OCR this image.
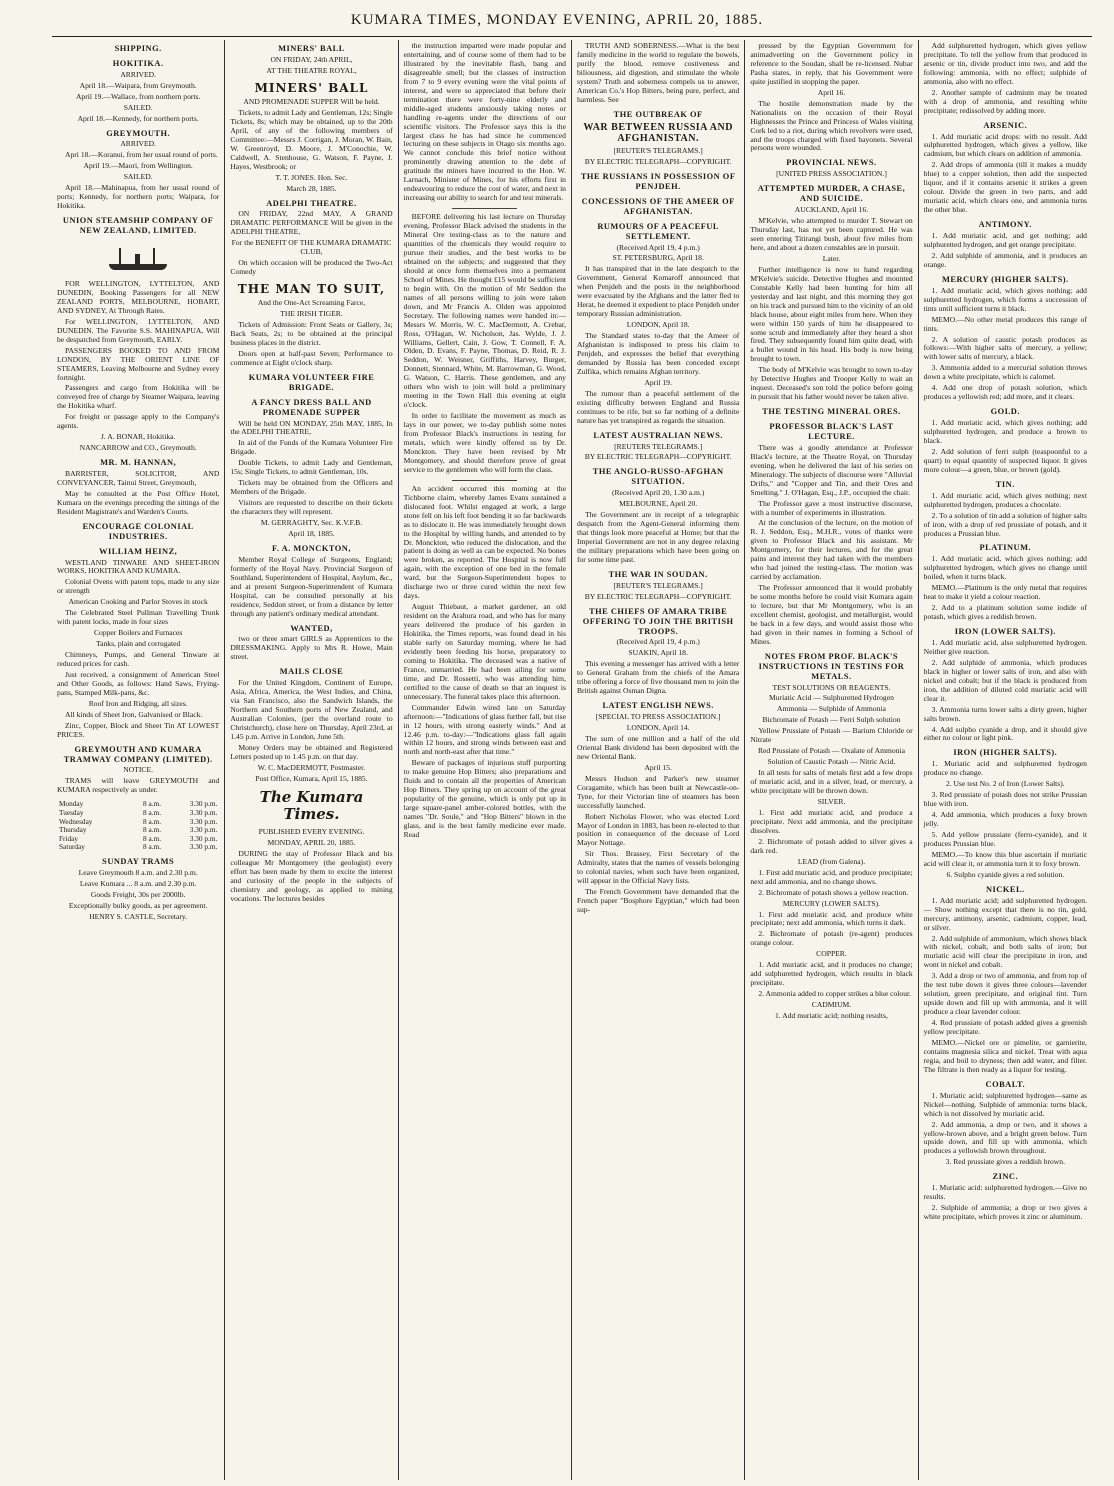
KUMARA TIMES, MONDAY EVENING, APRIL 20, 1885.
SHIPPING.
HOKITIKA.

ARRIVED.

April 18.—Waipara, from Greymouth.

April 19.—Wallace, from northern ports.

SAILED.

April 18.—Kennedy, for northern ports.

GREYMOUTH.

ARRIVED.

Apri 18.—Koranui, from her usual round of ports.

April 19.—Maori, from Wellington.

SAILED.

April 18.—Mahinapua, from her usual round of ports; Kennedy, for northern ports; Waipara, for Hokitika.

UNION STEAMSHIP COMPANY OF NEW ZEALAND, LIMITED.

FOR WELLINGTON, LYTTELTON, AND DUNEDIN, Booking Passengers for all NEW ZEALAND PORTS, MELBOURNE, HOBART, AND SYDNEY, At Through Rates.

For WELLINGTON, LYTTELTON, AND DUNEDIN. The Favorite S.S. MAHINAPUA, Will be despatched from Greymouth, EARLY.

PASSENGERS BOOKED TO AND FROM LONDON, BY THE ORIENT LINE OF STEAMERS, Leaving Melbourne and Sydney every fortnight.

Passengers and cargo from Hokitika will be conveyed free of charge by Steamer Waipara, leaving the Hokitika wharf.

For freight or passage apply to the Company's agents.

J. A. BONAR, Hokitika.

NANCARROW and CO., Greymouth.

MR. M. HANNAN,

BARRISTER, SOLICITOR, AND CONVEYANCER, Tainui Street, Greymouth,

May be consulted at the Post Office Hotel, Kumara on the evenings preceding the sittings of the Resident Magistrate's and Warden's Courts.

ENCOURAGE COLONIAL INDUSTRIES.
WILLIAM HEINZ,

WESTLAND TINWARE AND SHEET-IRON WORKS, HOKITIKA AND KUMARA.

Colonial Ovens with patent tops, made to any size or strength

American Cooking and Parlor Stoves in stock

The Celebrated Steel Pullman Travelling Trunk with patent locks, made in four sizes

Copper Boilers and Furnaces

Tanks, plain and corrugated

Chimneys, Pumps, and General Tinware at reduced prices for cash.

Just received, a consignment of American Steel and Other Goods, as follows: Hand Saws, Frying-pans, Stamped Milk-pans, &c.

Roof Iron and Ridging, all sizes.

All kinds of Sheet Iron, Galvanised or Black.

Zinc, Copper, Block and Sheet Tin AT LOWEST PRICES.

GREYMOUTH AND KUMARA TRAMWAY COMPANY (LIMITED).

NOTICE.

TRAMS will leave GREYMOUTH and KUMARA respectively as under.

Monday	8 a.m.	3.30 p.m.
Tuesday	8 a.m.	3.30 p.m.
Wednesday	8 a.m.	3.30 p.m.
Thursday	8 a.m.	3.30 p.m.
Friday	8 a.m.	3.30 p.m.
Saturday	8 a.m.	3.30 p.m.
SUNDAY TRAMS

Leave Greymouth 8 a.m. and 2.30 p.m.

Leave Kumara ... 8 a.m. and 2.30 p.m.

Goods Freight, 30s per 2000lb.

Exceptionally bulky goods, as per agreement.

HENRY S. CASTLE, Secretary.

MINERS' BALL

ON FRIDAY, 24th APRIL,

AT THE THEATRE ROYAL,

MINERS' BALL

AND PROMENADE SUPPER Will be held.

Tickets, to admit Lady and Gentleman, 12s; Single Tickets, 8s; which may be obtained, up to the 20th April, of any of the following members of Committee:—Messrs J. Corrigan, J. Moran, W. Bain, W. Greenroyd, D. Moore, J. M'Conochie, W. Caldwell, A. Stenhouse, G. Watson, F. Payne, J. Hayes, Westbrook; or

T. T. JONES. Hon. Sec.

March 28, 1885.

ADELPHI THEATRE.

ON FRIDAY, 22nd MAY, A GRAND DRAMATIC PERFORMANCE Will be given in the ADELPHI THEATRE,

For the BENEFIT OF THE KUMARA DRAMATIC CLUB,

On which occasion will be produced the Two-Act Comedy

THE MAN TO SUIT,

And the One-Act Screaming Farce,

THE IRISH TIGER.

Tickets of Admission: Front Seats or Gallery, 3s; Back Seats, 2s; to be obtained at the principal business places in the district.

Doors open at half-past Seven; Performance to commence at Eight o'clock sharp.

KUMARA VOLUNTEER FIRE BRIGADE.
A FANCY DRESS BALL AND PROMENADE SUPPER

Will be held ON MONDAY, 25th MAY, 1885, In the ADELPHI THEATRE,

In aid of the Funds of the Kumara Volunteer Fire Brigade.

Double Tickets, to admit Lady and Gentleman, 15s; Single Tickets, to admit Gentleman, 10s.

Tickets may be obtained from the Officers and Members of the Brigade.

Visitors are requested to describe on their tickets the characters they will represent.

M. GERRAGHTY, Sec. K.V.F.B.

April 18, 1885.

F. A. MONCKTON,

Member Royal College of Surgeons, England; formerly of the Royal Navy. Provincial Surgeon of Southland, Superintendent of Hospital, Asylum, &c., and at present Surgeon-Superintendent of Kumara Hospital, can be consulted personally at his residence, Seddon street, or from a distance by letter through any patient's ordinary medical attendant.

WANTED,

two or three smart GIRLS as Apprentices to the DRESSMAKING. Apply to Mrs R. Howe, Main street.

MAILS CLOSE

For the United Kingdom, Continent of Europe, Asia, Africa, America, the West Indies, and China, via San Francisco, also the Sandwich Islands, the Northern and Southern ports of New Zealand, and Australian Colonies, (per the overland route to Christchurch), close here on Thursday, April 23rd, at 1.45 p.m. Arrive in London, June 5th.

Money Orders may be obtained and Registered Letters posted up to 1.45 p.m. on that day.

W. C. MacDERMOTT, Postmaster.

Post Office, Kumara, April 15, 1885.

The Kumara Times.

PUBLISHED EVERY EVENING.

MONDAY, APRIL 20, 1885.

DURING the stay of Professor Black and his colleague Mr Montgomery (the geologist) every effort has been made by them to excite the interest and curiosity of the people in the subjects of chemistry and geology, as applied to mining vocations. The lectures besides

the instruction imparted were made popular and entertaining, and of course some of them had to be illustrated by the inevitable flash, bang and disagreeable smell; but the classes of instruction from 7 to 9 every evening were the vital points of interest, and were so appreciated that before their termination there were forty-nine elderly and middle-aged students anxiously taking notes or handling re-agents under the directions of our scientific visitors. The Professor says this is the largest class he has had since he commenced lecturing on these subjects in Otago six months ago. We cannot conclude this brief notice without prominently drawing attention to the debt of gratitude the miners have incurred to the Hon. W. Larnach, Minister of Mines, for his efforts first in endeavouring to reduce the cost of water, and next in increasing our ability to search for and test minerals.

BEFORE delivering his last lecture on Thursday evening, Professor Black advised the students in the Mineral Ore testing-class as to the nature and quantities of the chemicals they would require to pursue their studies, and the best works to be obtained on the subjects; and suggested that they should at once form themselves into a permanent School of Mines. He thought £15 would be sufficient to begin with. On the motion of Mr Seddon the names of all persons willing to join were taken down, and Mr Francis A. Olden was appointed Secretary. The following names were handed in:—Messrs W. Morris, W. C. MacDermott, A. Crebar, Ross, O'Hagan, W. Nicholson, Jas. Wylde, J. J. Williams, Gellert, Cain, J. Gow, T. Connell, F. A. Olden, D. Evans, F. Payne, Thomas, D. Reid, R. J. Seddon, W. Weisner, Griffiths, Harvey, Burger, Donnett, Stennard, White, M. Barrowman, G. Wood, G. Watson, C. Harris. These gentlemen, and any others who wish to join will hold a preliminary meeting in the Town Hall this evening at eight o'clock.

In order to facilitate the movement as much as lays in our power, we to-day publish some notes from Professor Black's instructions in testing for metals, which were kindly offered us by Dr. Monckton. They have been revised by Mr Montgomery, and should therefore prove of great service to the gentlemen who will form the class.

An accident occurred this morning at the Tichborne claim, whereby James Evans sustained a dislocated foot. Whilst engaged at work, a large stone fell on his left foot bending it so far backwards as to dislocate it. He was immediately brought down to the Hospital by willing hands, and attended to by Dr. Monckton, who reduced the dislocation, and the patient is doing as well as can be expected. No bones were broken, as reported. The Hospital is now full again, with the exception of one bed in the female ward, but the Surgeon-Superintendent hopes to discharge two or three cured within the next few days.

August Thiebaut, a market gardener, an old resident on the Arahura road, and who has for many years delivered the produce of his garden in Hokitika, the Times reports, was found dead in his stable early on Saturday morning, where he had evidently been feeding his horse, preparatory to coming to Hokitika. The deceased was a native of France, unmarried. He had been ailing for some time, and Dr. Rossetti, who was attending him, certified to the cause of death so that an inquest is unnecessary. The funeral takes place this afternoon.

Commander Edwin wired late on Saturday afternoon:—"Indications of glass further fall, but rise in 12 hours, with strong easterly winds." And at 12.46 p.m. to-day:—"Indications glass fall again within 12 hours, and strong winds between east and north and north-east after that time."

Beware of packages of injurious stuff purporting to make genuine Hop Bitters; also preparations and fluids and to contain all the properties of American Hop Bitters. They spring up on account of the great popularity of the genuine, which is only put up in large square-panel amber-colored bottles, with the names "Dr. Soule," and "Hop Bitters" blown in the glass, and is the best family medicine ever made. Read

TRUTH AND SOBERNESS.—What is the best family medicine in the world to regulate the bowels, purify the blood, remove costiveness and biliousness, aid digestion, and stimulate the whole system? Truth and soberness compels us to answer, American Co.'s Hop Bitters, being pure, perfect, and harmless. See

THE OUTBREAK OF
WAR BETWEEN RUSSIA AND AFGHANISTAN.

[REUTER'S TELEGRAMS.]

BY ELECTRIC TELEGRAPH—COPYRIGHT.

THE RUSSIANS IN POSSESSION OF PENJDEH.
CONCESSIONS OF THE AMEER OF AFGHANISTAN.
RUMOURS OF A PEACEFUL SETTLEMENT.

(Received April 19, 4 p.m.)

ST. PETERSBURG, April 18.

It has transpired that in the late despatch to the Government, General Komaroff announced that when Penjdeh and the posts in the neighborhood were evacuated by the Afghans and the latter fled to Herat, he deemed it expedient to place Penjdeh under temporary Russian administration.

LONDON, April 18.

The Standard states to-day that the Ameer of Afghanistan is indisposed to press his claim to Penjdeh, and expresses the belief that everything demanded by Russia has been conceded except Zulfika, which remains Afghan territory.

April 19.

The rumour than a peaceful settlement of the existing difficulty between England and Russia continues to be rife, but so far nothing of a definite nature has yet transpired as regards the situation.

LATEST AUSTRALIAN NEWS.

[REUTERS TELEGRAMS.]

BY ELECTRIC TELEGRAPH—COPYRIGHT.

THE ANGLO-RUSSO-AFGHAN SITUATION.

(Received April 20, 1.30 a.m.)

MELBOURNE, April 20.

The Government are in receipt of a telegraphic despatch from the Agent-General informing them that things look more peaceful at Home; but that the Imperial Government are not in any degree relaxing the military preparations which have been going on for some time past.

THE WAR IN SOUDAN.

[REUTER'S TELEGRAMS.]

BY ELECTRIC TELEGRAPH—COPYRIGHT.

THE CHIEFS OF AMARA TRIBE OFFERING TO JOIN THE BRITISH TROOPS.

(Received April 19, 4 p.m.)

SUAKIN, April 18.

This evening a messenger has arrived with a letter to General Graham from the chiefs of the Amara tribe offering a force of five thousand men to join the British against Osman Digna.

LATEST ENGLISH NEWS.

[SPECIAL TO PRESS ASSOCIATION.]

LONDON, April 14.

The sum of one million and a half of the old Oriental Bank dividend has been deposited with the new Oriental Bank.

April 15.

Messrs Hudson and Parker's new steamer Coragamite, which has been built at Newcastle-on-Tyne, for their Victorian line of steamers has been successfully launched.

Robert Nicholas Flower, who was elected Lord Mayor of London in 1883, has been re-elected to that position in consequence of the decease of Lord Mayor Nottage.

Sir Thos. Brassey, First Secretary of the Admiralty, states that the names of vessels belonging to colonial navies, when such have been organized, will appear in the Official Navy lists.

The French Government have demanded that the French paper "Bosphore Egyptian," which had been sup-

pressed by the Egyptian Government for animadverting on the Government policy in reference to the Soudan, shall be re-licensed. Nubar Pasha states, in reply, that his Government were quite justified in stopping the paper.

April 16.

The hostile demonstration made by the Nationalists on the occasion of their Royal Highnesses the Prince and Princess of Wales visiting Cork led to a riot, during which revolvers were used, and the troops charged with fixed bayonets. Several persons were wounded.

PROVINCIAL NEWS.

[UNITED PRESS ASSOCIATION.]

ATTEMPTED MURDER, A CHASE, AND SUICIDE.

AUCKLAND, April 16.

M'Kelvie, who attempted to murder T. Stewart on Thursday last, has not yet been captured. He was seen entering Titirangi bush, about five miles from here, and about a dozen constables are in pursuit.

Later.

Further intelligence is now to hand regarding M'Kelvie's suicide. Detective Hughes and mounted Constable Kelly had been hunting for him all yesterday and last night, and this morning they got on his track and pursued him to the vicinity of an old black house, about eight miles from here. When they were within 150 yards of him he disappeared to some scrub and immediately after they heard a shot fired. They subsequently found him quite dead, with a bullet wound in his head. His body is now being brought to town.

The body of M'Kelvie was brought to town to-day by Detective Hughes and Trooper Kelly to wait an inquest. Deceased's son told the police before going in pursuit that his father would never be taken alive.

THE TESTING MINERAL ORES.
PROFESSOR BLACK'S LAST LECTURE.

There was a goodly attendance at Professor Black's lecture, at the Theatre Royal, on Thursday evening, when he delivered the last of his series on Mineralogy. The subjects of discourse were "Alluvial Drifts," and "Copper and Tin, and their Ores and Smelting." J. O'Hagan, Esq., J.P., occupied the chair.

The Professor gave a most instructive discourse, with a number of experiments in illustration.

At the conclusion of the lecture, on the motion of R. J. Seddon, Esq., M.H.R., votes of thanks were given to Professor Black and his assistant. Mr Montgomery, for their lectures, and for the great pains and interest they had taken with the members who had joined the testing-class. The motion was carried by acclamation.

The Professor announced that it would probably be some months before he could visit Kumara again to lecture, but that Mr Montgomery, who is an excellent chemist, geologist, and metallurgist, would be back in a few days, and would assist those who had given in their names in forming a School of Mines.

NOTES FROM PROF. BLACK'S INSTRUCTIONS IN TESTINS FOR METALS.

TEST SOLUTIONS OR REAGENTS.

Muriatic Acid — Sulphuretted Hydrogen

Ammonia — Sulphide of Ammonia

Bichromate of Potash — Ferri Sulph solution

Yellow Prussiate of Potash — Barium Chloride or Nitrate

Red Prussiate of Potash — Oxalate of Ammonia

Solution of Caustic Potash — Nitric Acid.

In all tests for salts of metals first add a few drops of muriatic acid, and in a silver, lead, or mercury, a white precipitate will be thrown down.

SILVER.

1. First add muriatic acid, and produce a precipitate. Next add ammonia, and the precipitate dissolves.

2. Bichromate of potash added to silver gives a dark red.

LEAD (from Galena).

1. First add muriatic acid, and produce precipitate; next add ammonia, and no change shows.

2. Bichromate of potash shows a yellow reaction.

MERCURY (LOWER SALTS).

1. First add muriatic acid, and produce white precipitate; next add ammonia, which turns it dark.

2. Bichromate of potash (re-agent) produces orange colour.

COPPER.

1. Add muriatic acid, and it produces no change; add sulphuretted hydrogen, which results in black precipitate.

2. Ammonia added to copper strikes a blue colour.

CADMIUM.

1. Add muriatic acid; nothing results,

Add sulphuretted hydrogen, which gives yellow precipitate. To tell the yellow from that produced in arsenic or tin, divide product into two, and add the following: ammonia, with no effect; sulphide of ammonia, also with no effect.

2. Another sample of cadmium may be treated with a drop of ammonia, and resulting white precipitate; redissolved by adding more.

ARSENIC.

1. Add muriatic acid drops: with no result. Add sulphuretted hydrogen, which gives a yellow, like cadmium, but which clears on addition of ammonia.

2. Add drops of ammonia (till it makes a muddy blue) to a copper solution, then add the suspected liquor, and if it contains arsenic it strikes a green colour. Divide the green in two parts, and add muriatic acid, which clears one, and ammonia turns the other blue.

ANTIMONY.

1. Add muriatic acid, and get nothing; add sulphuretted hydrogen, and get orange precipitate.

2. Add sulphide of ammonia, and it produces an orange.

MERCURY (HIGHER SALTS).

1. Add muriatic acid, which gives nothing; add sulphuretted hydrogen, which forms a succession of tints until sufficient turns it black.

MEMO.—No other metal produces this range of tints.

2. A solution of caustic potash produces as follows:—With higher salts of mercury, a yellow; with lower salts of mercury, a black.

3. Ammonia added to a mercurial solution throws down a white precipitate, which is calomel.

4. Add one drop of potash solution, which produces a yellowish red; add more, and it clears.

GOLD.

1. Add muriatic acid, which gives nothing; add sulphuretted hydrogen, and produce a brown to black.

2. Add solution of ferri sulph (teaspoonful to a quart) to equal quantity of suspected liquor. It gives more colour—a green, blue, or brown (gold).

TIN.

1. Add muriatic acid, which gives nothing; next sulphuretted hydrogen, produces a chocolate.

2. To a solution of tin add a solution of higher salts of iron, with a drop of red prussiate of potash, and it produces a Prussian blue.

PLATINUM.

1. Add muriatic acid, which gives nothing; add sulphuretted hydrogen, which gives no change until boiled, when it turns black.

MEMO.—Platinum is the only metal that requires heat to make it yield a colour reaction.

2. Add to a platinum solution some iodide of potash, which gives a reddish brown.

IRON (LOWER SALTS).

1. Add muriatic acid, also sulphuretted hydrogen. Neither give reaction.

2. Add sulphide of ammonia, which produces black in higher or lower salts of iron, and also with nickel and cobalt; but if the black is produced from iron, the addition of diluted cold muriatic acid will clear it.

3. Ammonia turns lower salts a dirty green, higher salts brown.

4. Add sulpho cyanide a drop, and it should give either no colour or light pink.

IRON (HIGHER SALTS).

1. Muriatic acid and sulphuretted hydrogen produce no change.

2. Use test No. 2 of Iron (Lower Salts).

3. Red prussiate of potash does not strike Prussian blue with iron.

4. Add ammonia, which produces a foxy brown jelly.

5. Add yellow prussiate (ferro-cyanide), and it produces Prussian blue.

MEMO.—To know this blue ascertain if muriatic acid will clear it, or ammonia turn it to foxy brown.

6. Sulpho cyanide gives a red solution.

NICKEL.

1. Add muriatic acid; add sulphuretted hydrogen. — Show nothing except that there is no tin, gold, mercury, antimony, arsenic, cadmium, copper, lead, or silver.

2. Add sulphide of ammonium, which shows black with nickel, cobalt, and both salts of iron; but muriatic acid will clear the precipitate in iron, and wont in nickel and cobalt.

3. Add a drop or two of ammonia, and from top of the test tube down it gives three colours—lavender solution, green precipitate, and original tint. Turn upside down and fill up with ammonia, and it will produce a clear lavender colour.

4. Red prussiate of potash added gives a greenish yellow precipitate.

MEMO.—Nickel ore or pimelite, or garnierite, contains magnesia silica and nickel. Treat with aqua regia, and boil to dryness; then add water, and filter. The filtrate is then ready as a liquor for testing.

COBALT.

1. Muriatic acid; sulphuretted hydrogen—same as Nickel—nothing. Sulphide of ammonia: turns black, which is not dissolved by muriatic acid.

2. Add ammonia, a drop or two, and it shows a yellow-brown above, and a bright green below. Turn upside down, and fill up with ammonia, which produces a yellowish brown throughout.

3. Red prussiate gives a reddish brown.

ZINC.

1. Muriatic acid: sulphuretted hydrogen.—Give no results.

2. Sulphide of ammonia; a drop or two gives a white precipitate, which proves it zinc or aluminum.
